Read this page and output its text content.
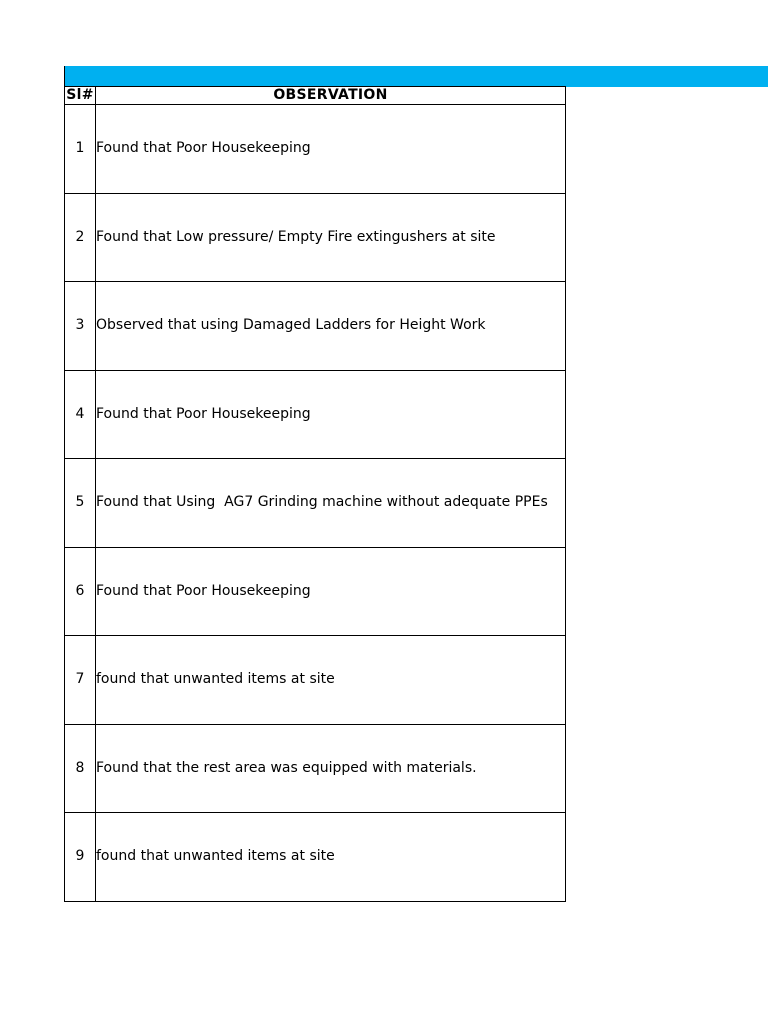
Sl#	OBSERVATION
1	Found that Poor Housekeeping
2	Found that Low pressure/ Empty Fire extingushers at site
3	Observed that using Damaged Ladders for Height Work
4	Found that Poor Housekeeping
5	Found that Using  AG7 Grinding machine without adequate PPEs
6	Found that Poor Housekeeping
7	found that unwanted items at site
8	Found that the rest area was equipped with materials.
9	found that unwanted items at site
